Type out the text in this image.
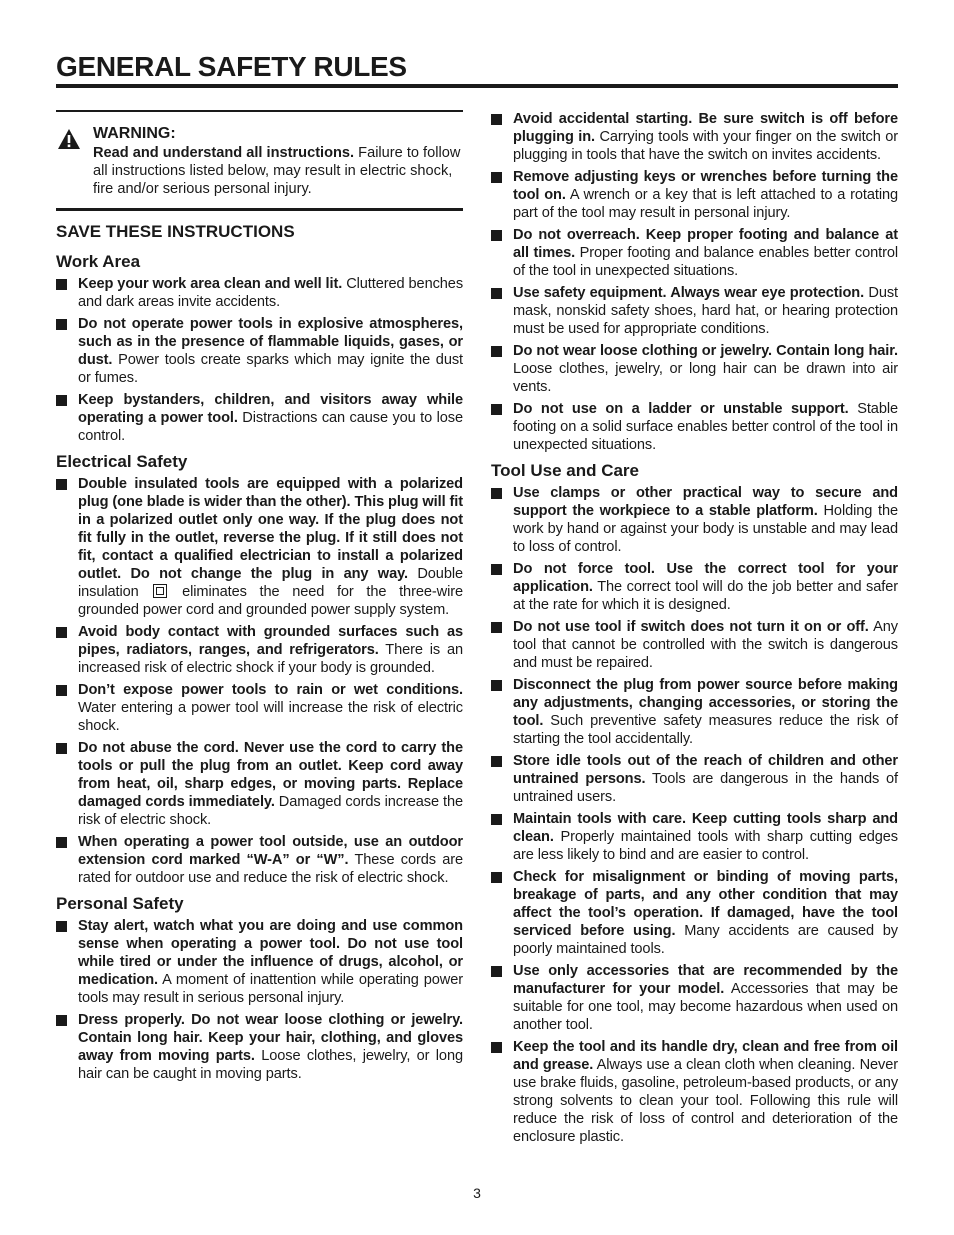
GENERAL SAFETY RULES
WARNING:
Read and understand all instructions. Failure to follow all instructions listed below, may result in electric shock, fire and/or serious personal injury.
SAVE THESE INSTRUCTIONS
Work Area
Keep your work area clean and well lit. Cluttered benches and dark areas invite accidents.
Do not operate power tools in explosive atmospheres, such as in the presence of flammable liquids, gases, or dust. Power tools create sparks which may ignite the dust or fumes.
Keep bystanders, children, and visitors away while operating a power tool. Distractions can cause you to lose control.
Electrical Safety
Double insulated tools are equipped with a polarized plug (one blade is wider than the other). This plug will fit in a polarized outlet only one way. If the plug does not fit fully in the outlet, reverse the plug. If it still does not fit, contact a qualified electrician to install a polarized outlet. Do not change the plug in any way. Double insulation  eliminates the need for the three-wire grounded power cord and grounded power supply system.
Avoid body contact with grounded surfaces such as pipes, radiators, ranges, and refrigerators. There is an increased risk of electric shock if your body is grounded.
Don’t expose power tools to rain or wet conditions. Water entering a power tool will increase the risk of electric shock.
Do not abuse the cord. Never use the cord to carry the tools or pull the plug from an outlet. Keep cord away from heat, oil, sharp edges, or moving parts. Replace damaged cords immediately. Damaged cords increase the risk of electric shock.
When operating a power tool outside, use an outdoor extension cord marked “W-A” or “W”. These cords are rated for outdoor use and reduce the risk of electric shock.
Personal Safety
Stay alert, watch what you are doing and use common sense when operating a power tool. Do not use tool while tired or under the influence of drugs, alcohol, or medication. A moment of inattention while operating power tools may result in serious personal injury.
Dress properly. Do not wear loose clothing or jewelry. Contain long hair. Keep your hair, clothing, and gloves away from moving parts. Loose clothes, jewelry, or long hair can be caught in moving parts.
Avoid accidental starting. Be sure switch is off before plugging in. Carrying tools with your finger on the switch or plugging in tools that have the switch on invites accidents.
Remove adjusting keys or wrenches before turning the tool on. A wrench or a key that is left attached to a rotating part of the tool may result in personal injury.
Do not overreach. Keep proper footing and balance at all times. Proper footing and balance enables better control of the tool in unexpected situations.
Use safety equipment. Always wear eye protection. Dust mask, nonskid safety shoes, hard hat, or hearing protection must be used for appropriate conditions.
Do not wear loose clothing or jewelry. Contain long hair. Loose clothes, jewelry, or long hair can be drawn into air vents.
Do not use on a ladder or unstable support. Stable footing on a solid surface enables better control of the tool in unexpected situations.
Tool Use and Care
Use clamps or other practical way to secure and support the workpiece to a stable platform. Holding the work by hand or against your body is unstable and may lead to loss of control.
Do not force tool. Use the correct tool for your application. The correct tool will do the job better and safer at the rate for which it is designed.
Do not use tool if switch does not turn it on or off. Any tool that cannot be controlled with the switch is dangerous and must be repaired.
Disconnect the plug from power source before making any adjustments, changing accessories, or storing the tool. Such preventive safety measures reduce the risk of starting the tool accidentally.
Store idle tools out of the reach of children and other untrained persons. Tools are dangerous in the hands of untrained users.
Maintain tools with care. Keep cutting tools sharp and clean. Properly maintained tools with sharp cutting edges are less likely to bind and are easier to control.
Check for misalignment or binding of moving parts, breakage of parts, and any other condition that may affect the tool’s operation. If damaged, have the tool serviced before using. Many accidents are caused by poorly maintained tools.
Use only accessories that are recommended by the manufacturer for your model. Accessories that may be suitable for one tool, may become hazardous when used on another tool.
Keep the tool and its handle dry, clean and free from oil and grease. Always use a clean cloth when cleaning. Never use brake fluids, gasoline, petroleum-based products, or any strong solvents to clean your tool. Following this rule will reduce the risk of loss of control and deterioration of the enclosure plastic.
3
